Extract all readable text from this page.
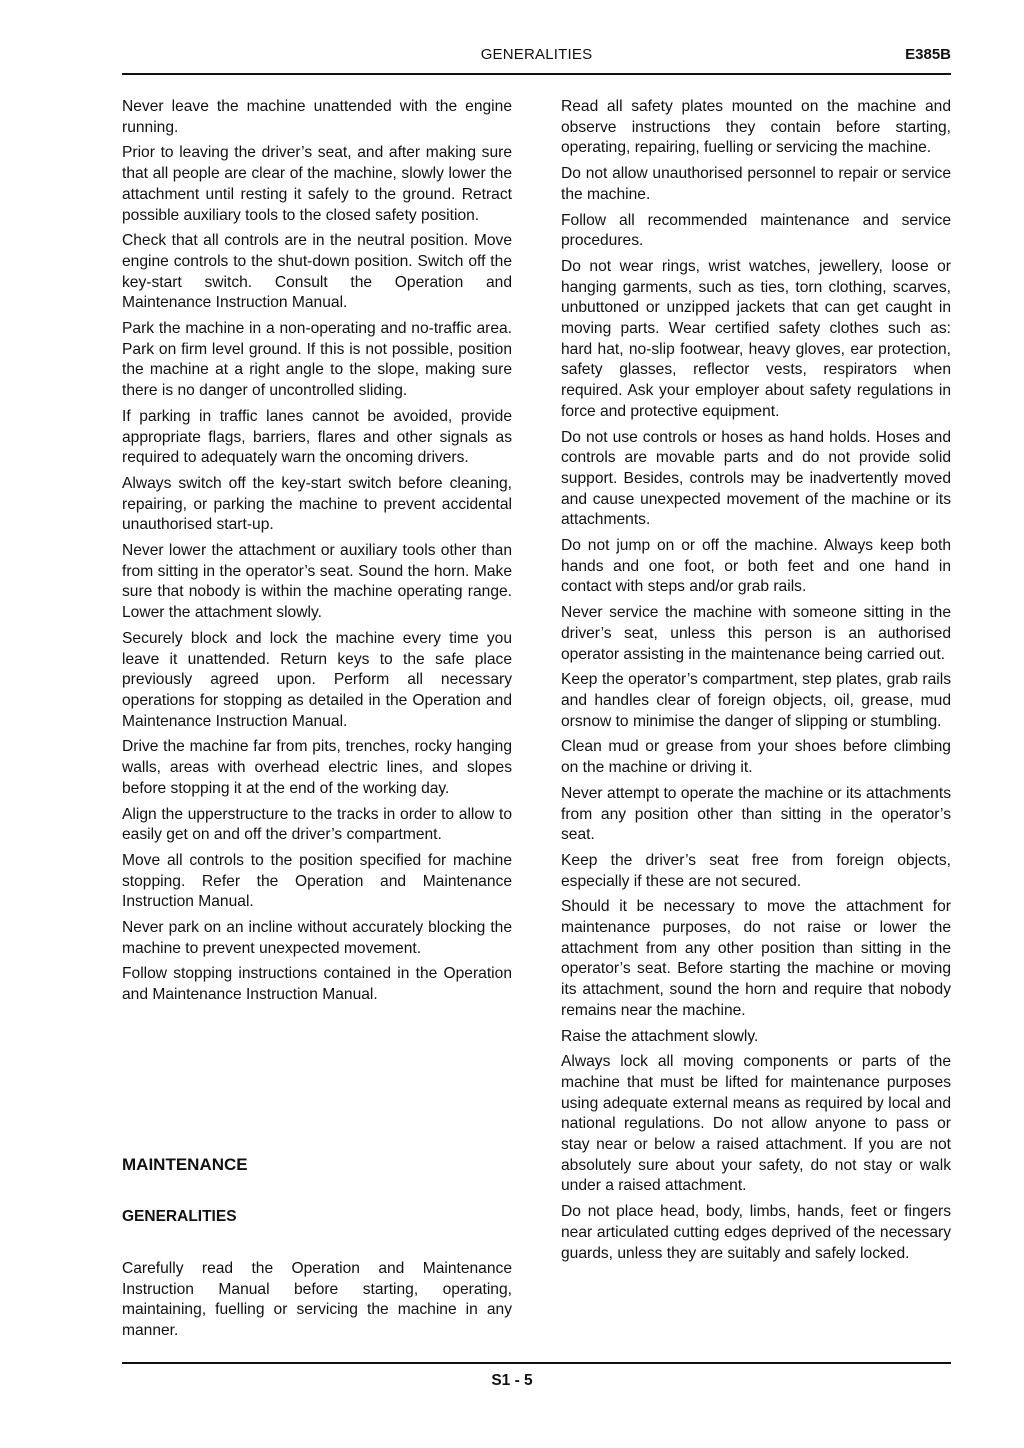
GENERALITIES	E385B

Never leave the machine unattended with the engine running.

Prior to leaving the driver’s seat, and after making sure that all people are clear of the machine, slowly lower the attachment until resting it safely to the ground. Retract possible auxiliary tools to the closed safety position.

Check that all controls are in the neutral position. Move engine controls to the shut-down position. Switch off the key-start switch. Consult the Operation and Maintenance Instruction Manual.

Park the machine in a non-operating and no-traffic area. Park on firm level ground. If this is not possible, position the machine at a right angle to the slope, making sure there is no danger of uncontrolled sliding.

If parking in traffic lanes cannot be avoided, provide appropriate flags, barriers, flares and other signals as required to adequately warn the oncoming drivers.

Always switch off the key-start switch before cleaning, repairing, or parking the machine to prevent accidental unauthorised start-up.

Never lower the attachment or auxiliary tools other than from sitting in the operator’s seat. Sound the horn. Make sure that nobody is within the machine operating range. Lower the attachment slowly.

Securely block and lock the machine every time you leave it unattended. Return keys to the safe place previously agreed upon. Perform all necessary operations for stopping as detailed in the Operation and Maintenance Instruction Manual.

Drive the machine far from pits, trenches, rocky hanging walls, areas with overhead electric lines, and slopes before stopping it at the end of the working day.

Align the upperstructure to the tracks in order to allow to easily get on and off the driver’s compartment.

Move all controls to the position specified for machine stopping. Refer the Operation and Maintenance Instruction Manual.

Never park on an incline without accurately blocking the machine to prevent unexpected movement.

Follow stopping instructions contained in the Operation and Maintenance Instruction Manual.

MAINTENANCE
GENERALITIES

Carefully read the Operation and Maintenance Instruction Manual before starting, operating, maintaining, fuelling or servicing the machine in any manner.

Read all safety plates mounted on the machine and observe instructions they contain before starting, operating, repairing, fuelling or servicing the machine.

Do not allow unauthorised personnel to repair or service the machine.

Follow all recommended maintenance and service procedures.

Do not wear rings, wrist watches, jewellery, loose or hanging garments, such as ties, torn clothing, scarves, unbuttoned or unzipped jackets that can get caught in moving parts. Wear certified safety clothes such as: hard hat, no-slip footwear, heavy gloves, ear protection, safety glasses, reflector vests, respirators when required. Ask your employer about safety regulations in force and protective equipment.

Do not use controls or hoses as hand holds. Hoses and controls are movable parts and do not provide solid support. Besides, controls may be inadvertently moved and cause unexpected movement of the machine or its attachments.

Do not jump on or off the machine. Always keep both hands and one foot, or both feet and one hand in contact with steps and/or grab rails.

Never service the machine with someone sitting in the driver’s seat, unless this person is an authorised operator assisting in the maintenance being carried out.

Keep the operator’s compartment, step plates, grab rails and handles clear of foreign objects, oil, grease, mud orsnow to minimise the danger of slipping or stumbling.

Clean mud or grease from your shoes before climbing on the machine or driving it.

Never attempt to operate the machine or its attachments from any position other than sitting in the operator’s seat.

Keep the driver’s seat free from foreign objects, especially if these are not secured.

Should it be necessary to move the attachment for maintenance purposes, do not raise or lower the attachment from any other position than sitting in the operator’s seat. Before starting the machine or moving its attachment, sound the horn and require that nobody remains near the machine.

Raise the attachment slowly.

Always lock all moving components or parts of the machine that must be lifted for maintenance purposes using adequate external means as required by local and national regulations. Do not allow anyone to pass or stay near or below a raised attachment. If you are not absolutely sure about your safety, do not stay or walk under a raised attachment.

Do not place head, body, limbs, hands, feet or fingers near articulated cutting edges deprived of the necessary guards, unless they are suitably and safely locked.

S1 - 5
